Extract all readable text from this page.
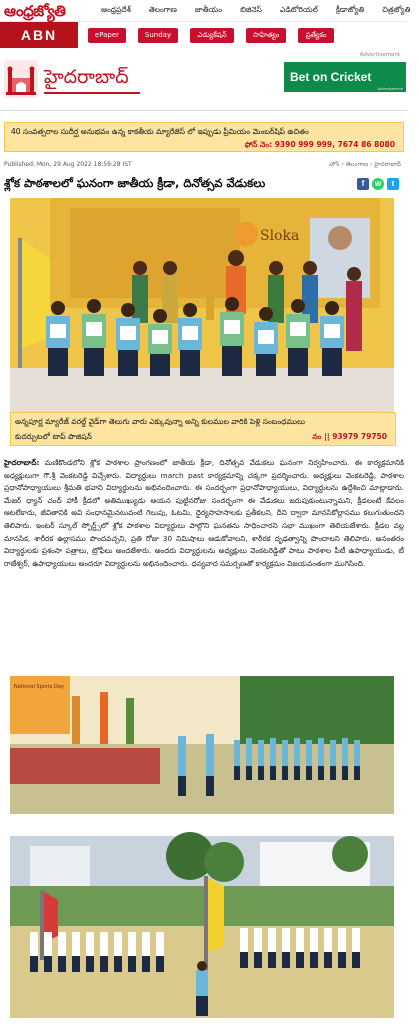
ఆంధ్రజ్యోతి	ఆంధ్రప్రదేశ్	తెలంగాణ	జాతీయం	బిజినెస్	ఎడిటోరియల్	క్రీడాజ్యోతి	చిత్రజ్యోతి
ABN	ePaper	Sunday	ఎడ్యుకేషన్	సాహిత్యం	ప్రత్యేకం
Advertisement
హైదరాబాద్	Bet on Cricket
Advertisement
40 సంవత్సరాల సుదీర్ఘ అనుభవం ఉన్న కాకతీయ మ్యారేజెస్ లో ఇప్పుడు ప్రీమియం మెంబర్‌షిప్ ఉచితం
ఫోన్ నెం: 9390 999 999, 7674 86 8080
Published: Mon, 29 Aug 2022 18:59:28 IST	హోం › తెలంగాణ › హైదరాబాద్
శ్లోక పాఠశాలలో ఘనంగా జాతీయ క్రీడా, దినోత్సవ వేడుకలు	f	w	t
Sloka
అన్నపూర్ణ మ్యారేజ్ వరల్డ్ వైడ్‌గా తెలుగు వారు ఎక్కువున్నా అన్ని కులముల వారికి పెళ్లి సంబంధములు
కుదర్చుటలో టాప్ పొజిషన్	నం || 93979 79750

హైదరాబాద్: మణికొండలోని శ్లోక పాఠశాల ప్రాంగణంలో జాతీయ క్రీడా, దినోత్సవ వేడుకలు ఘనంగా నిర్వహించారు. ఈ కార్యక్రమానికి అధ్యక్షులుగా గౌ.శ్రీ వెంకటరెడ్డి విచ్చేశారు. విద్యార్థులు march past కార్యక్రమాన్ని చక్కగా ప్రదర్శించారు. అధ్యక్షులు వెంకటరెడ్డి, పాఠశాల ప్రధానోపాధ్యాయులు శ్రీమతి భవాని విద్యార్థులను అభినందించారు. ఈ సందర్భంగా ప్రధానోపాధ్యాయులు, విద్యార్థులను ఉద్దేశించి మాట్లాడారు. మేజర్ ధ్యాన్ చంద్ హాకీ క్రీడలో అతిముఖ్యుడు ఆయన పుట్టినరోజు సందర్భంగా ఈ వేడుకలు జరుపుకుంటున్నామని, క్రీడలంటే కేవలం ఆటలేకాదు, జీవితానికి అవి సంధానమైనటువంటి గెలుపు, ఓటమి, ధైర్యసాహసాలకు ప్రతీకలని, దీని ద్వారా మానసికోల్లాసము కలుగుతుందని తెలిపారు. ఇంటర్ స్కూల్ స్పోర్ట్స్‌లో శ్లోక పాఠశాల విద్యార్థులు పాల్గొని ఘనతను సాధించారని సభా ముఖంగా తెలియజేశారు. క్రీడల వల్ల మానసిక, శారీరక ఉల్లాసము పొందవచ్చని, ప్రతి రోజు 30 నిమిషాలు ఆడుకోవాలని, శారీరక దృఢత్వాన్ని పొందాలని తెలిపారు. అనంతరం విద్యార్థులకు ప్రశంసా పత్రాలు, ట్రోఫీలు అందజేశారు. అందరు విద్యార్థులను అధ్యక్షులు వెంకటరెడ్డితో పాటు పాఠశాల పీటీ ఉపాధ్యాయుడు, టీ రాజేశ్వర్, ఉపాధ్యాయులు అందరూ విద్యార్థులను అభినందించారు. ధన్యవాద సమర్పణతో కార్యక్రమం విజయవంతంగా ముగిసింది.

National Sports Day
